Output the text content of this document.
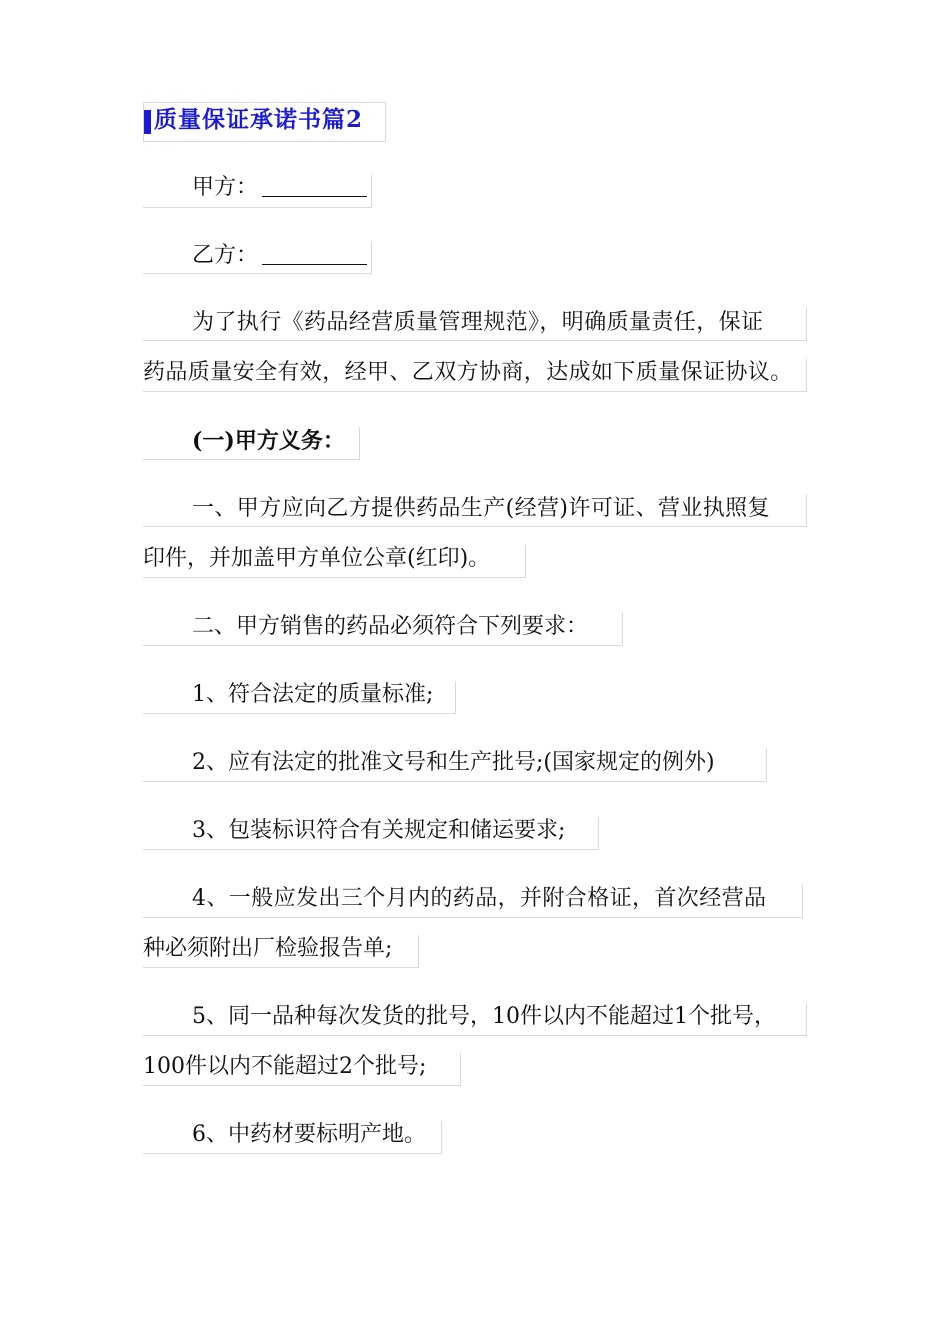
质量保证承诺书篇2
甲方：
乙方：
为了执行《药品经营质量管理规范》，明确质量责任，保证
药品质量安全有效，经甲、乙双方协商，达成如下质量保证协议。
(一)甲方义务：
一、甲方应向乙方提供药品生产(经营)许可证、营业执照复
印件，并加盖甲方单位公章(红印)。
二、甲方销售的药品必须符合下列要求：
1、符合法定的质量标准;
2、应有法定的批准文号和生产批号;(国家规定的例外)
3、包装标识符合有关规定和储运要求;
4、一般应发出三个月内的药品，并附合格证，首次经营品
种必须附出厂检验报告单;
5、同一品种每次发货的批号，10件以内不能超过1个批号，
100件以内不能超过2个批号;
6、中药材要标明产地。
